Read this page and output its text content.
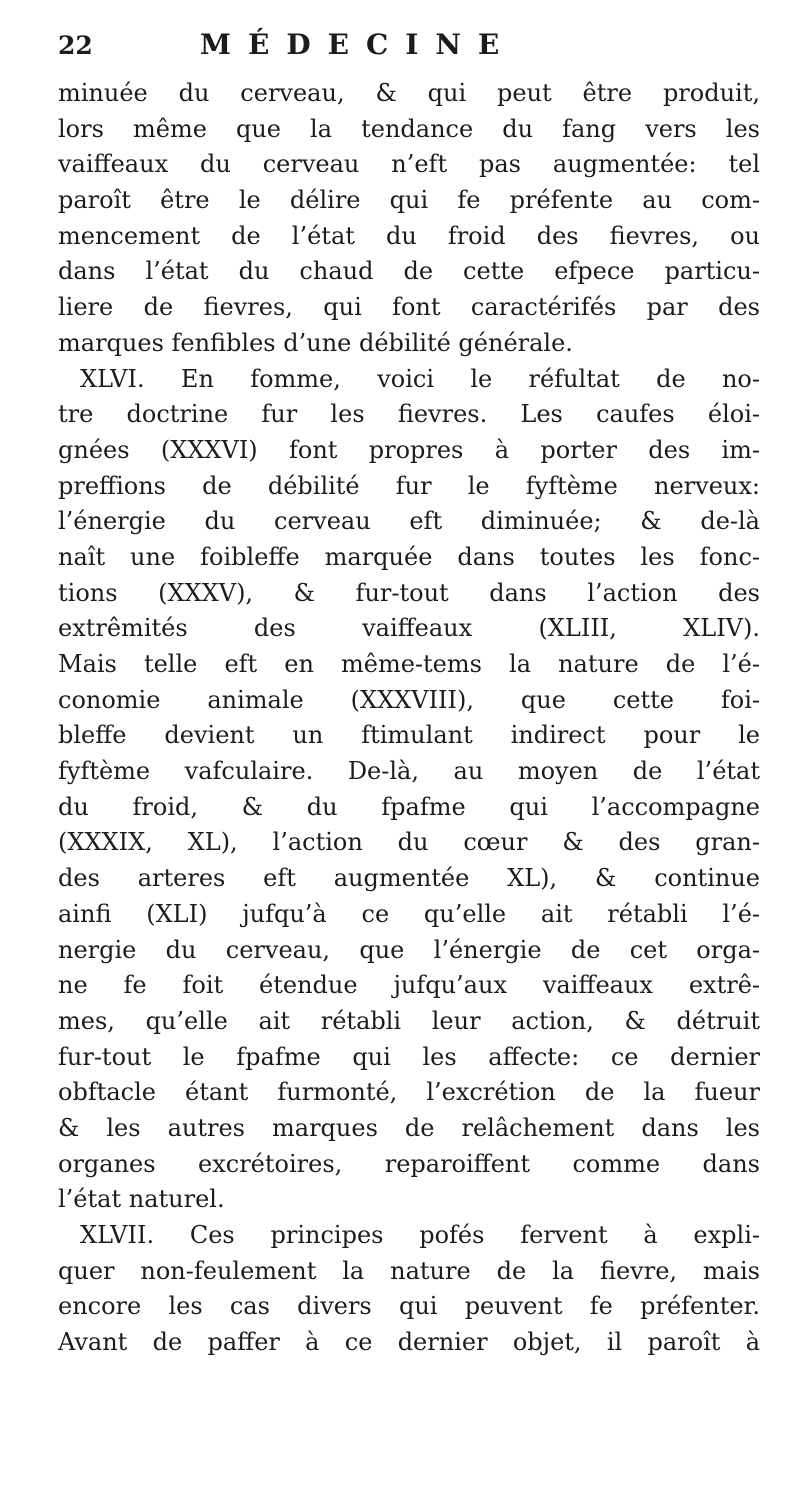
22	MÉDECINE
minuée du cerveau, & qui peut être produit,
lors même que la tendance du fang vers les
vaiffeaux du cerveau n’eft pas augmentée: tel
paroît être le délire qui fe préfente au com-
mencement de l’état du froid des fievres, ou
dans l’état du chaud de cette efpece particu-
liere de fievres, qui font caractérifés par des
marques fenfibles d’une débilité générale.
XLVI. En fomme, voici le réfultat de no-
tre doctrine fur les fievres. Les caufes éloi-
gnées (XXXVI) font propres à porter des im-
preffions de débilité fur le fyftème nerveux:
l’énergie du cerveau eft diminuée; & de-là
naît une foibleffe marquée dans toutes les fonc-
tions (XXXV), & fur-tout dans l’action des
extrêmités des vaiffeaux (XLIII, XLIV).
Mais telle eft en même-tems la nature de l’é-
conomie animale (XXXVIII), que cette foi-
bleffe devient un ftimulant indirect pour le
fyftème vafculaire. De-là, au moyen de l’état
du froid, & du fpafme qui l’accompagne
(XXXIX, XL), l’action du cœur & des gran-
des arteres eft augmentée XL), & continue
ainfi (XLI) jufqu’à ce qu’elle ait rétabli l’é-
nergie du cerveau, que l’énergie de cet orga-
ne fe foit étendue jufqu’aux vaiffeaux extrê-
mes, qu’elle ait rétabli leur action, & détruit
fur-tout le fpafme qui les affecte: ce dernier
obftacle étant furmonté, l’excrétion de la fueur
& les autres marques de relâchement dans les
organes excrétoires, reparoiffent comme dans
l’état naturel.
XLVII. Ces principes pofés fervent à expli-
quer non-feulement la nature de la fievre, mais
encore les cas divers qui peuvent fe préfenter.
Avant de paffer à ce dernier objet, il paroît à
